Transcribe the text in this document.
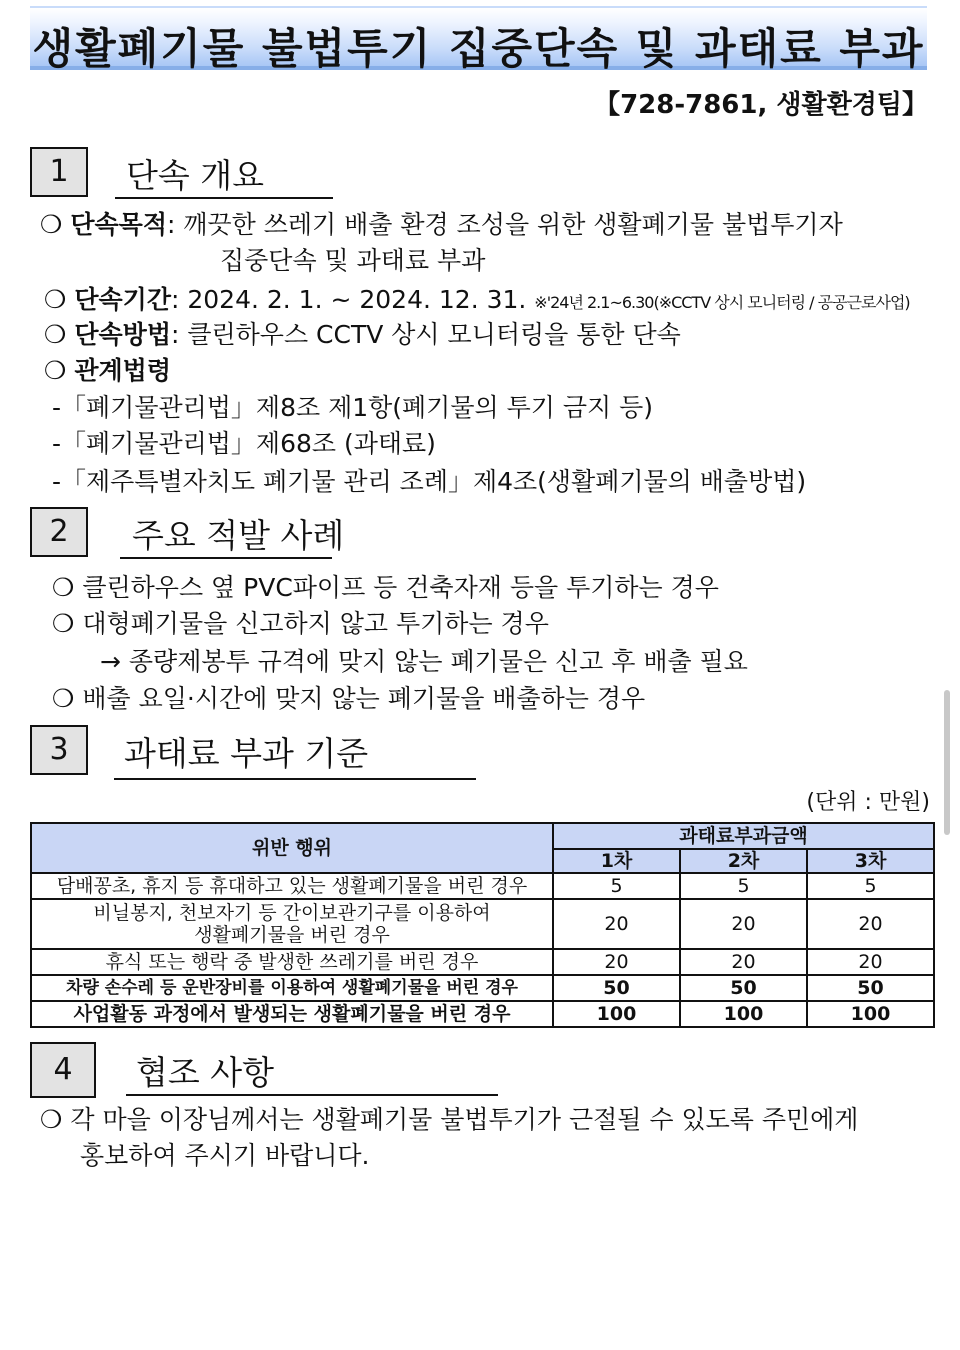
생활폐기물 불법투기 집중단속 및 과태료 부과
【728-7861, 생활환경팀】
1	단속 개요
❍ 단속목적: 깨끗한 쓰레기 배출 환경 조성을 위한 생활폐기물 불법투기자
집중단속 및 과태료 부과
❍ 단속기간: 2024. 2. 1. ~ 2024. 12. 31. ※'24년 2.1~6.30(※CCTV 상시 모니터링 / 공공근로사업)
❍ 단속방법: 클린하우스 CCTV 상시 모니터링을 통한 단속
❍ 관계법령
-「폐기물관리법」제8조 제1항(폐기물의 투기 금지 등)
-「폐기물관리법」제68조 (과태료)
-「제주특별자치도 폐기물 관리 조례」제4조(생활폐기물의 배출방법)
2	주요 적발 사례
❍ 클린하우스 옆 PVC파이프 등 건축자재 등을 투기하는 경우
❍ 대형폐기물을 신고하지 않고 투기하는 경우
→ 종량제봉투 규격에 맞지 않는 폐기물은 신고 후 배출 필요
❍ 배출 요일·시간에 맞지 않는 폐기물을 배출하는 경우
3	과태료 부과 기준
(단위 : 만원)
위반 행위	과태료부과금액		
	1차	2차	3차
담배꽁초, 휴지 등 휴대하고 있는 생활폐기물을 버린 경우	5	5	5

비닐봉지, 천보자기 등 간이보관기구를 이용하여
생활폐기물을 버린 경우	20	20	20
휴식 또는 행락 중 발생한 쓰레기를 버린 경우	20	20	20
차량 손수레 등 운반장비를 이용하여 생활폐기물을 버린 경우	50	50	50
사업활동 과정에서 발생되는 생활폐기물을 버린 경우	100	100	100
4	협조 사항
❍ 각 마을 이장님께서는 생활폐기물 불법투기가 근절될 수 있도록 주민에게
홍보하여 주시기 바랍니다.
